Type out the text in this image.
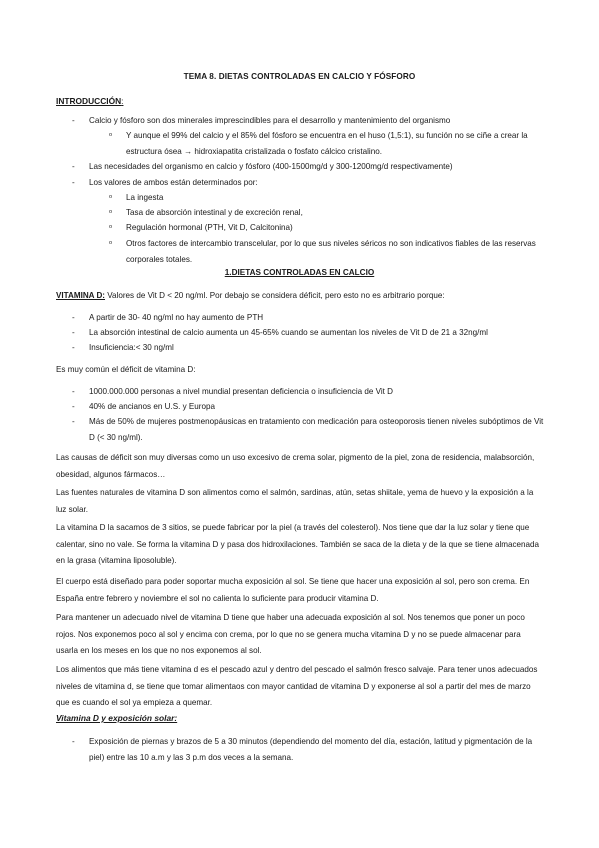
TEMA 8. DIETAS CONTROLADAS EN CALCIO Y FÓSFORO
INTRODUCCIÓN:
- Calcio y fósforo son dos minerales imprescindibles para el desarrollo y mantenimiento del organismo
o Y aunque el 99% del calcio y el 85% del fósforo se encuentra en el huso (1,5:1), su función no se ciñe a crear la estructura ósea → hidroxiapatita cristalizada o fosfato cálcico cristalino.
- Las necesidades del organismo en calcio y fósforo (400-1500mg/d y 300-1200mg/d respectivamente)
- Los valores de ambos están determinados por:
o La ingesta
o Tasa de absorción intestinal y de excreción renal,
o Regulación hormonal (PTH, Vit D, Calcitonina)
o Otros factores de intercambio transcelular, por lo que sus niveles séricos no son indicativos fiables de las reservas corporales totales.
1.DIETAS CONTROLADAS EN CALCIO
VITAMINA D: Valores de Vit D < 20 ng/ml. Por debajo se considera déficit, pero esto no es arbitrario porque:
- A partir de 30- 40 ng/ml no hay aumento de PTH
- La absorción intestinal de calcio aumenta un 45-65% cuando se aumentan los niveles de Vit D de 21 a 32ng/ml
- Insuficiencia:< 30 ng/ml
Es muy común el déficit de vitamina D:
- 1000.000.000 personas a nivel mundial presentan deficiencia o insuficiencia de Vit D
- 40% de ancianos en U.S. y Europa
- Más de 50% de mujeres postmenopáusicas en tratamiento con medicación para osteoporosis tienen niveles subóptimos de Vit D (< 30 ng/ml).
Las causas de déficit son muy diversas como un uso excesivo de crema solar, pigmento de la piel, zona de residencia, malabsorción, obesidad, algunos fármacos…
Las fuentes naturales de vitamina D son alimentos como el salmón, sardinas, atún, setas shiitale, yema de huevo y la exposición a la luz solar.
La vitamina D la sacamos de 3 sitios, se puede fabricar por la piel (a través del colesterol). Nos tiene que dar la luz solar y tiene que calentar, sino no vale. Se forma la vitamina D y pasa dos hidroxilaciones. También se saca de la dieta y de la que se tiene almacenada en la grasa (vitamina liposoluble).
El cuerpo está diseñado para poder soportar mucha exposición al sol. Se tiene que hacer una exposición al sol, pero son crema. En España entre febrero y noviembre el sol no calienta lo suficiente para producir vitamina D.
Para mantener un adecuado nivel de vitamina D tiene que haber una adecuada exposición al sol. Nos tenemos que poner un poco rojos. Nos exponemos poco al sol y encima con crema, por lo que no se genera mucha vitamina D y no se puede almacenar para usarla en los meses en los que no nos exponemos al sol.
Los alimentos que más tiene vitamina d es el pescado azul y dentro del pescado el salmón fresco salvaje. Para tener unos adecuados niveles de vitamina d, se tiene que tomar alimentaos con mayor cantidad de vitamina D y exponerse al sol a partir del mes de marzo que es cuando el sol ya empieza a quemar.
Vitamina D y exposición solar:
- Exposición de piernas y brazos de 5 a 30 minutos (dependiendo del momento del día, estación, latitud y pigmentación de la piel) entre las 10 a.m y las 3 p.m dos veces a la semana.
